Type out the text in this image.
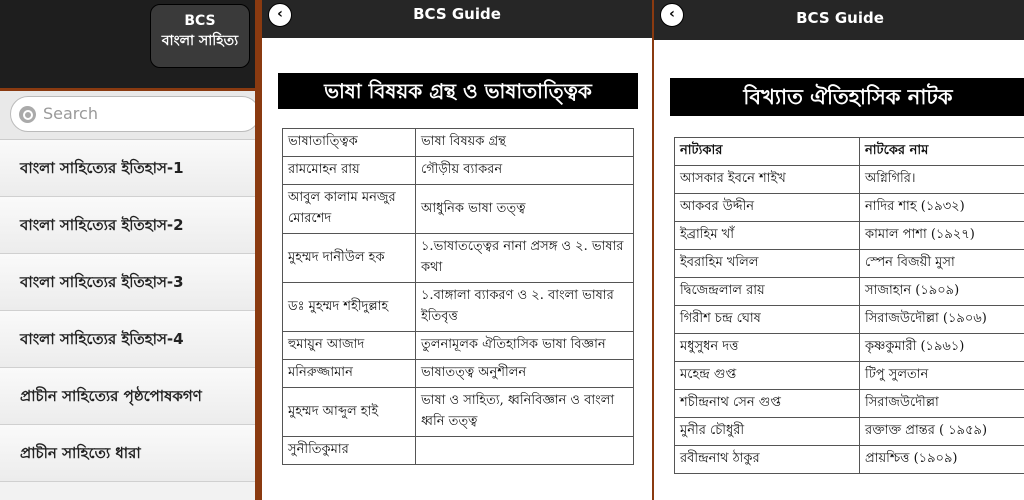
BCS
বাংলা সাহিত্য
Search
বাংলা সাহিত্যের ইতিহাস-1
বাংলা সাহিত্যের ইতিহাস-2
বাংলা সাহিত্যের ইতিহাস-3
বাংলা সাহিত্যের ইতিহাস-4
প্রাচীন সাহিত্যের পৃষ্ঠপোষকগণ
প্রাচীন সাহিত্যে ধারা
‹	BCS Guide
ভাষা বিষয়ক গ্রন্থ ও ভাষাতাত্ত্বিক
ভাষাতাত্ত্বিক	ভাষা বিষয়ক গ্রন্থ
রামমোহন রায়	গৌড়ীয় ব্যাকরন
আবুল কালাম মনজুর মোরশেদ	আধুনিক ভাষা তত্ত্ব
মুহম্মদ দানীউল হক	১.ভাষাতত্ত্বের নানা প্রসঙ্গ ও ২. ভাষার কথা
ডঃ মুহম্মদ শহীদুল্লাহ	১.বাঙ্গালা ব্যাকরণ ও ২. বাংলা ভাষার ইতিবৃত্ত
হুমায়ুন আজাদ	তুলনামূলক ঐতিহাসিক ভাষা বিজ্ঞান
মনিরুজ্জামান	ভাষাতত্ত্ব অনুশীলন
মুহম্মদ আব্দুল হাই	ভাষা ও সাহিত্য, ধ্বনিবিজ্ঞান ও বাংলা ধ্বনি তত্ত্ব
সুনীতিকুমার	
‹	BCS Guide
বিখ্যাত ঐতিহাসিক নাটক
নাট্যকার	নাটকের নাম
আসকার ইবনে শাইখ	অগ্নিগিরি।
আকবর উদ্দীন	নাদির শাহ (১৯৩২)
ইব্রাহিম খাঁ	কামাল পাশা (১৯২৭)
ইবরাহিম খলিল	স্পেন বিজয়ী মুসা
দ্বিজেন্দ্রলাল রায়	সাজাহান (১৯০৯)
গিরীশ চন্দ্র ঘোষ	সিরাজউদৌল্লা (১৯০৬)
মধুসুধন দত্ত	কৃষ্ণকুমারী (১৯৬১)
মহেন্দ্র গুপ্ত	টিপু সুলতান
শচীন্দ্রনাথ সেন গুপ্ত	সিরাজউদৌল্লা
মুনীর চৌধুরী	রক্তাক্ত প্রান্তর ( ১৯৫৯)
রবীন্দ্রনাথ ঠাকুর	প্রায়শ্চিত্ত (১৯০৯)
